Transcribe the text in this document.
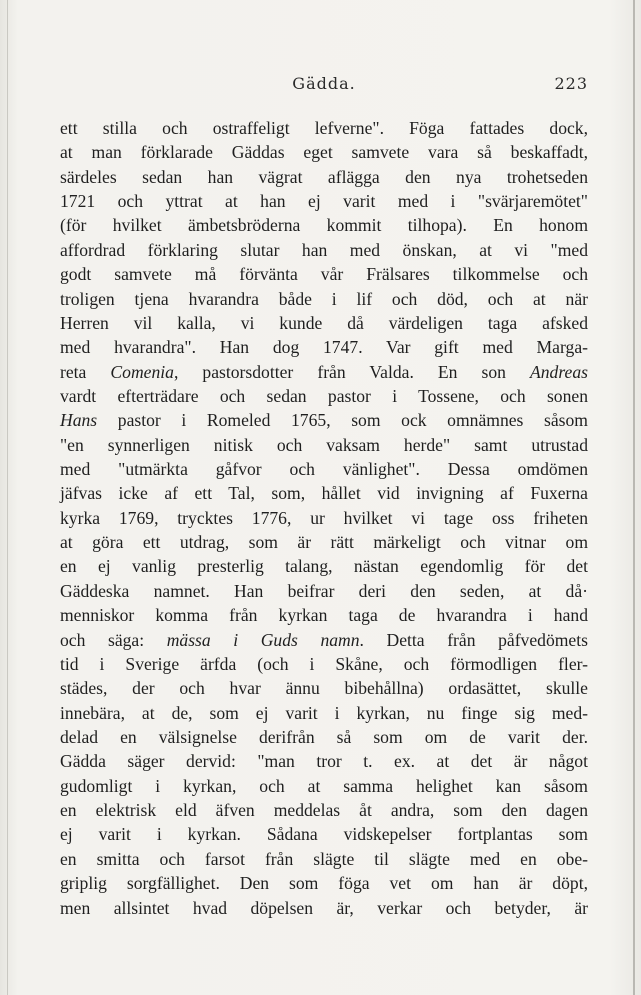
Gädda.	223
ett stilla och ostraffeligt lefverne". Föga fattades dock,
at man förklarade Gäddas eget samvete vara så beskaffadt,
särdeles sedan han vägrat aflägga den nya trohetseden
1721 och yttrat at han ej varit med i "svärjaremötet"
(för hvilket ämbetsbröderna kommit tilhopa). En honom
affordrad förklaring slutar han med önskan, at vi "med
godt samvete må förvänta vår Frälsares tilkommelse och
troligen tjena hvarandra både i lif och död, och at när
Herren vil kalla, vi kunde då värdeligen taga afsked
med hvarandra". Han dog 1747. Var gift med Marga-
reta Comenia, pastorsdotter från Valda. En son Andreas
vardt efterträdare och sedan pastor i Tossene, och sonen
Hans pastor i Romeled 1765, som ock omnämnes såsom
"en synnerligen nitisk och vaksam herde" samt utrustad
med "utmärkta gåfvor och vänlighet". Dessa omdömen
jäfvas icke af ett Tal, som, hållet vid invigning af Fuxerna
kyrka 1769, trycktes 1776, ur hvilket vi tage oss friheten
at göra ett utdrag, som är rätt märkeligt och vitnar om
en ej vanlig presterlig talang, nästan egendomlig för det
Gäddeska namnet. Han beifrar deri den seden, at då·
menniskor komma från kyrkan taga de hvarandra i hand
och säga: mässa i Guds namn. Detta från påfvedömets
tid i Sverige ärfda (och i Skåne, och förmodligen fler-
städes, der och hvar ännu bibehållna) ordasättet, skulle
innebära, at de, som ej varit i kyrkan, nu finge sig med-
delad en välsignelse derifrån så som om de varit der.
Gädda säger dervid: "man tror t. ex. at det är något
gudomligt i kyrkan, och at samma helighet kan såsom
en elektrisk eld äfven meddelas åt andra, som den dagen
ej varit i kyrkan. Sådana vidskepelser fortplantas som
en smitta och farsot från slägte til slägte med en obe-
griplig sorgfällighet. Den som föga vet om han är döpt,
men allsintet hvad döpelsen är, verkar och betyder, är
